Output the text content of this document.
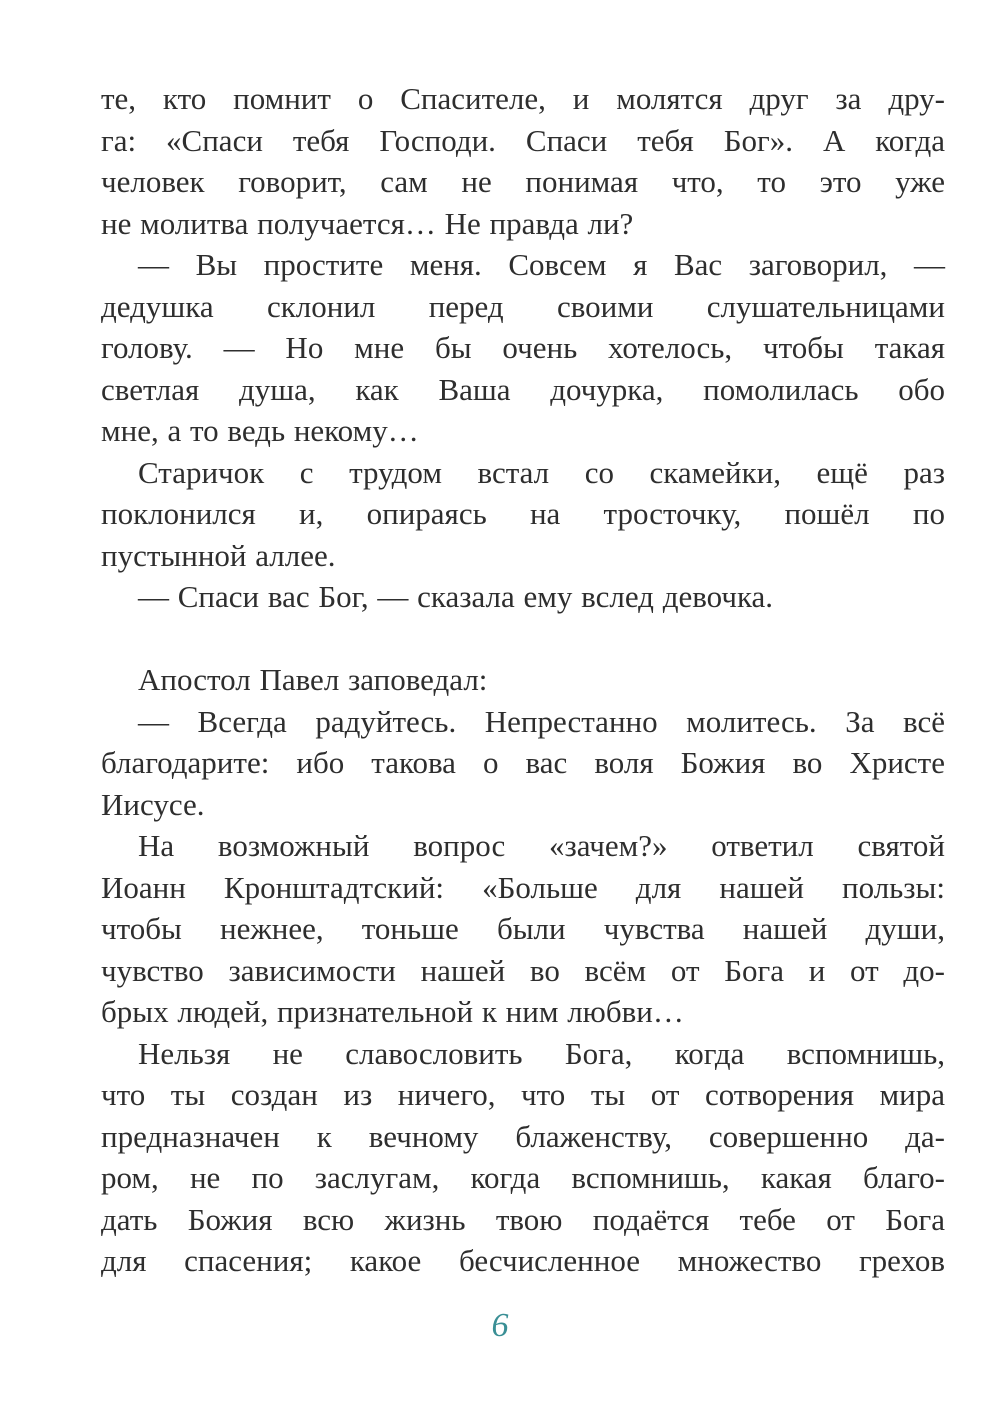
те, кто помнит о Спасителе, и молятся друг за дру-
га: «Спаси тебя Господи. Спаси тебя Бог». А когда
человек говорит, сам не понимая что, то это уже
не молитва получается… Не правда ли?
— Вы простите меня. Совсем я Вас заговорил, —
дедушка склонил перед своими слушательницами
голову. — Но мне бы очень хотелось, чтобы такая
светлая душа, как Ваша дочурка, помолилась обо
мне, а то ведь некому…
Старичок с трудом встал со скамейки, ещё раз
поклонился и, опираясь на тросточку, пошёл по
пустынной аллее.
— Спаси вас Бог, — сказала ему вслед девочка.
Апостол Павел заповедал:
— Всегда радуйтесь. Непрестанно молитесь. За всё
благодарите: ибо такова о вас воля Божия во Христе
Иисусе.
На возможный вопрос «зачем?» ответил святой
Иоанн Кронштадтский: «Больше для нашей пользы:
чтобы нежнее, тоньше были чувства нашей души,
чувство зависимости нашей во всём от Бога и от до-
брых людей, признательной к ним любви…
Нельзя не славословить Бога, когда вспомнишь,
что ты создан из ничего, что ты от сотворения мира
предназначен к вечному блаженству, совершенно да-
ром, не по заслугам, когда вспомнишь, какая благо-
дать Божия всю жизнь твою подаётся тебе от Бога
для спасения; какое бесчисленное множество грехов
6
